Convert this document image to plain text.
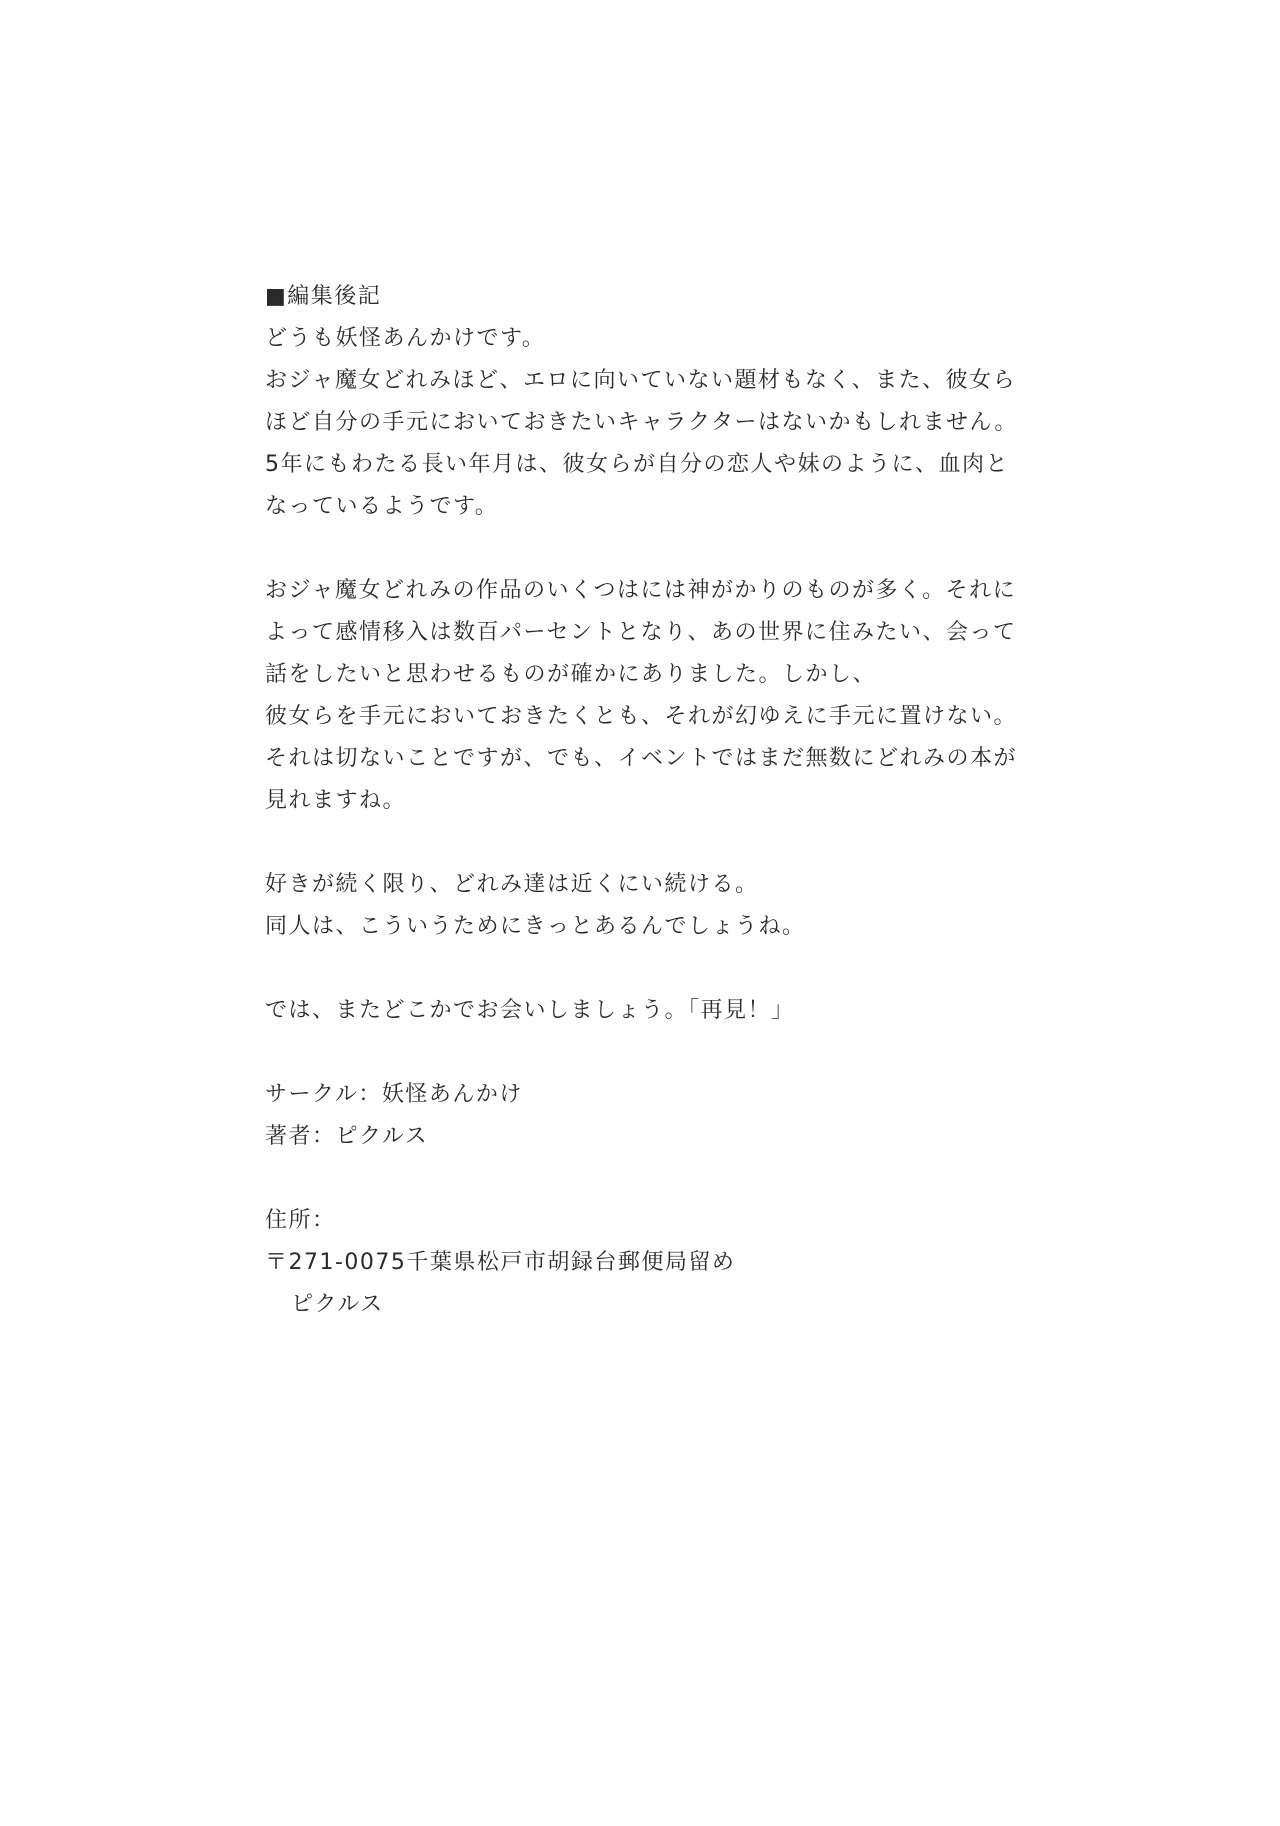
■編集後記
どうも妖怪あんかけです。
おジャ魔女どれみほど、エロに向いていない題材もなく、また、彼女ら
ほど自分の手元においておきたいキャラクターはないかもしれません。
5年にもわたる長い年月は、彼女らが自分の恋人や妹のように、血肉と
なっているようです。
おジャ魔女どれみの作品のいくつはには神がかりのものが多く。それに
よって感情移入は数百パーセントとなり、あの世界に住みたい、会って
話をしたいと思わせるものが確かにありました。しかし、
彼女らを手元においておきたくとも、それが幻ゆえに手元に置けない。
それは切ないことですが、でも、イベントではまだ無数にどれみの本が
見れますね。
好きが続く限り、どれみ達は近くにい続ける。
同人は、こういうためにきっとあるんでしょうね。
では、またどこかでお会いしましょう。「再見！」
サークル：妖怪あんかけ
著者：ピクルス
住所：
〒271-0075千葉県松戸市胡録台郵便局留め
ピクルス
